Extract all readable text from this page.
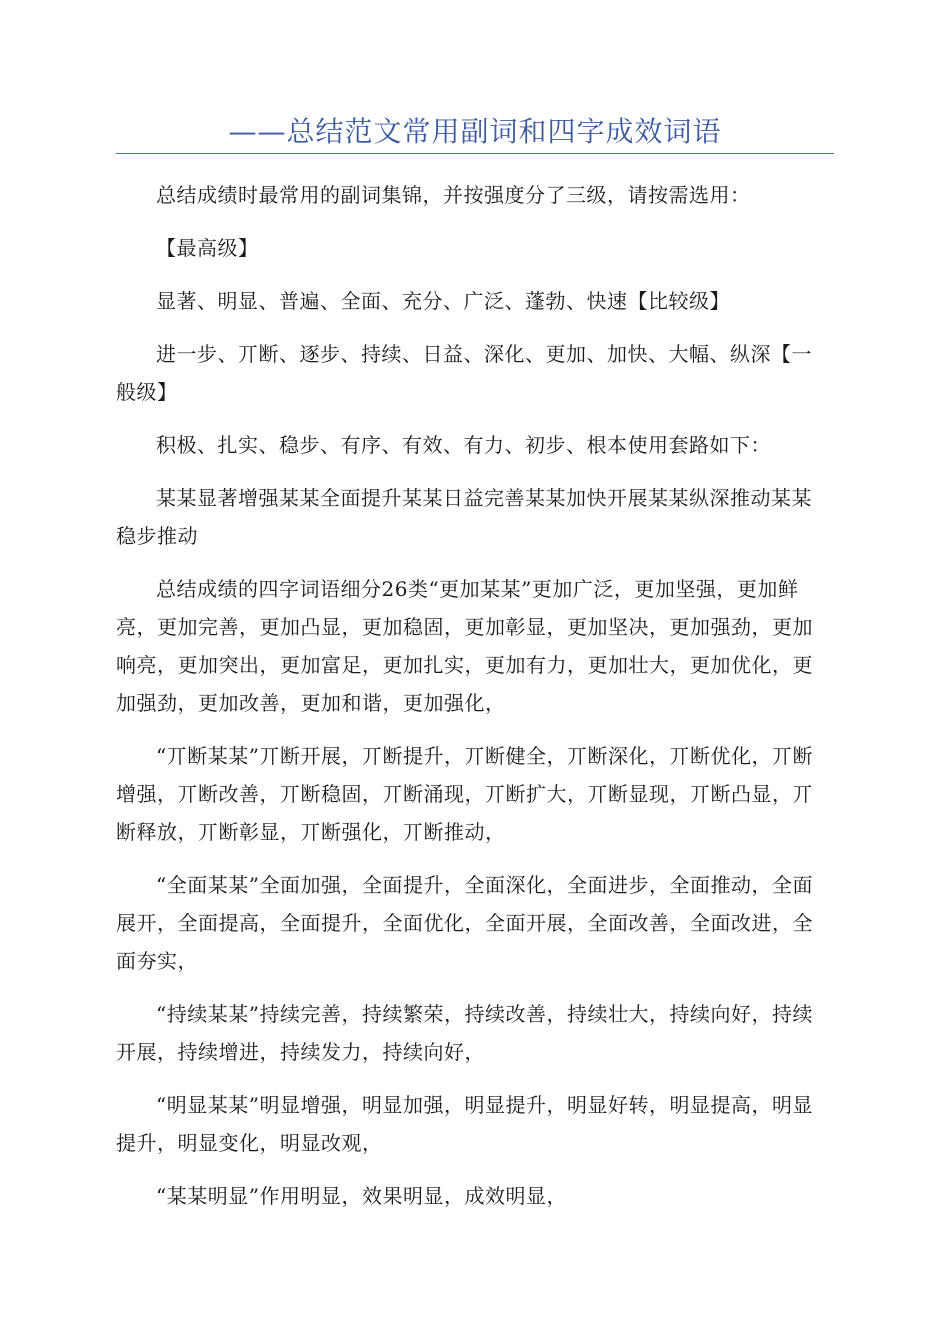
——总结范文常用副词和四字成效词语

总结成绩时最常用的副词集锦，并按强度分了三级，请按需选用：

【最高级】

显著、明显、普遍、全面、充分、广泛、蓬勃、快速【比较级】

进一步、丌断、逐步、持续、日益、深化、更加、加快、大幅、纵深【一般级】

积极、扎实、稳步、有序、有效、有力、初步、根本使用套路如下：

某某显著增强某某全面提升某某日益完善某某加快开展某某纵深推动某某稳步推动

总结成绩的四字词语细分26类“更加某某”更加广泛，更加坚强，更加鲜亮，更加完善，更加凸显，更加稳固，更加彰显，更加坚决，更加强劲，更加响亮，更加突出，更加富足，更加扎实，更加有力，更加壮大，更加优化，更加强劲，更加改善，更加和谐，更加强化，

“丌断某某”丌断开展，丌断提升，丌断健全，丌断深化，丌断优化，丌断增强，丌断改善，丌断稳固，丌断涌现，丌断扩大，丌断显现，丌断凸显，丌断释放，丌断彰显，丌断强化，丌断推动，

“全面某某”全面加强，全面提升，全面深化，全面进步，全面推动，全面展开，全面提高，全面提升，全面优化，全面开展，全面改善，全面改进，全面夯实，

“持续某某”持续完善，持续繁荣，持续改善，持续壮大，持续向好，持续开展，持续增进，持续发力，持续向好，

“明显某某”明显增强，明显加强，明显提升，明显好转，明显提高，明显提升，明显变化，明显改观，

“某某明显”作用明显，效果明显，成效明显，
